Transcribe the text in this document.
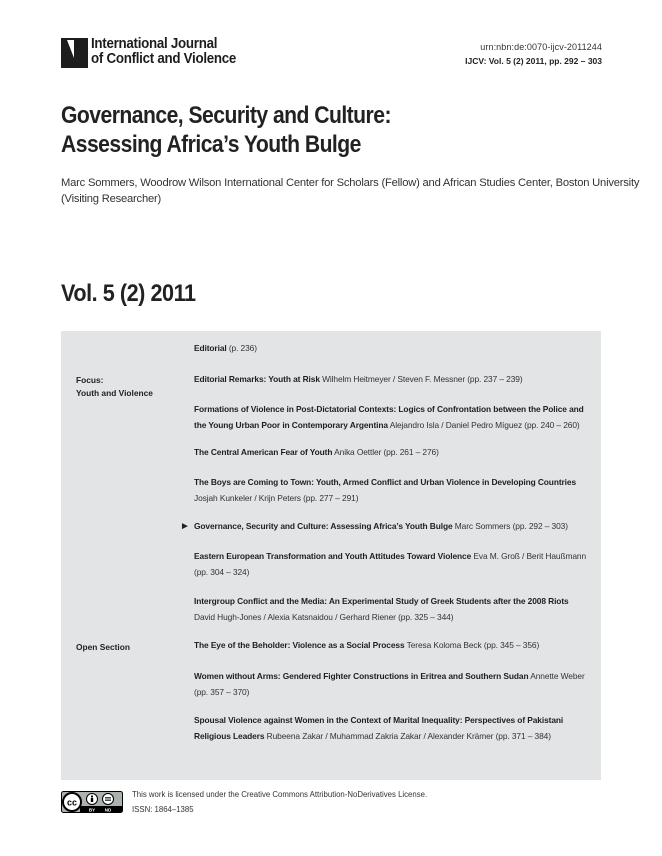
International Journal
of Conflict and Violence
urn:nbn:de:0070-ijcv-2011244
IJCV: Vol. 5 (2) 2011, pp. 292 – 303
Governance, Security and Culture:
Assessing Africa’s Youth Bulge
Marc Sommers, Woodrow Wilson International Center for Scholars (Fellow) and African Studies Center, Boston University (Visiting Researcher)
Vol. 5 (2) 2011
Focus:
Youth and Violence
Open Section
►
Editorial (p. 236)
Editorial Remarks: Youth at Risk Wilhelm Heitmeyer / Steven F. Messner (pp. 237 – 239)
Formations of Violence in Post-Dictatorial Contexts: Logics of Confrontation between the Police and the Young Urban Poor in Contemporary Argentina Alejandro Isla / Daniel Pedro Míguez (pp. 240 – 260)
The Central American Fear of Youth Anika Oettler (pp. 261 – 276)
The Boys are Coming to Town: Youth, Armed Conflict and Urban Violence in Developing Countries Josjah Kunkeler / Krijn Peters (pp. 277 – 291)
Governance, Security and Culture: Assessing Africa’s Youth Bulge Marc Sommers (pp. 292 – 303)
Eastern European Transformation and Youth Attitudes Toward Violence Eva M. Groß / Berit Haußmann (pp. 304 – 324)
Intergroup Conflict and the Media: An Experimental Study of Greek Students after the 2008 Riots David Hugh-Jones / Alexia Katsnaidou / Gerhard Riener (pp. 325 – 344)
The Eye of the Beholder: Violence as a Social Process Teresa Koloma Beck (pp. 345 – 356)
Women without Arms: Gendered Fighter Constructions in Eritrea and Southern Sudan Annette Weber (pp. 357 – 370)
Spousal Violence against Women in the Context of Marital Inequality: Perspectives of Pakistani Religious Leaders Rubeena Zakar / Muhammad Zakria Zakar / Alexander Krämer (pp. 371 – 384)
cc
BY ND
This work is licensed under the Creative Commons Attribution-NoDerivatives License.
ISSN: 1864–1385
